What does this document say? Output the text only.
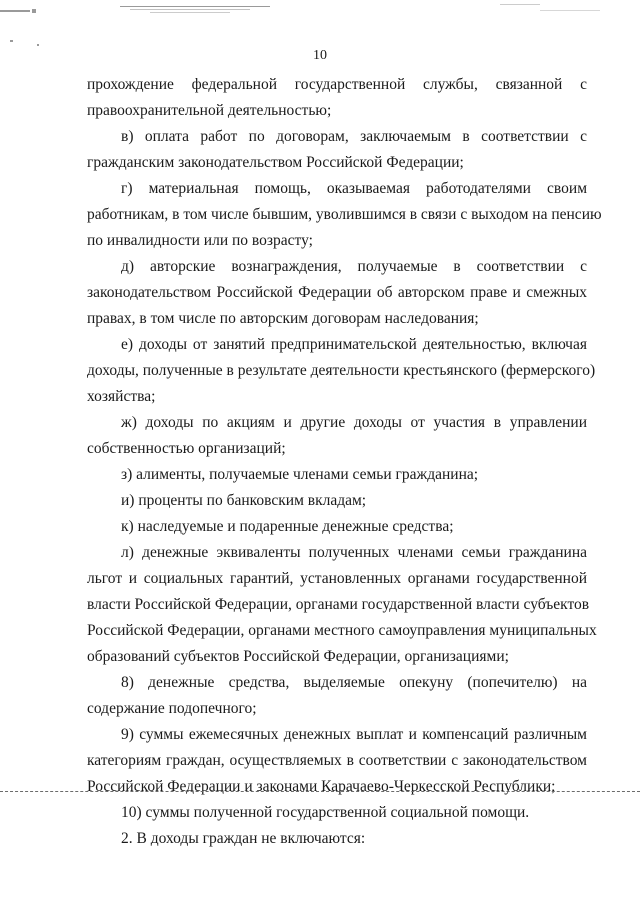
10
прохождение федеральной государственной службы, связанной с
правоохранительной деятельностью;
в) оплата работ по договорам, заключаемым в соответствии с
гражданским законодательством Российской Федерации;
г) материальная помощь, оказываемая работодателями своим
работникам, в том числе бывшим, уволившимся в связи с выходом на пенсию
по инвалидности или по возрасту;
д) авторские вознаграждения, получаемые в соответствии с
законодательством Российской Федерации об авторском праве и смежных
правах, в том числе по авторским договорам наследования;
е) доходы от занятий предпринимательской деятельностью, включая
доходы, полученные в результате деятельности крестьянского (фермерского)
хозяйства;
ж) доходы по акциям и другие доходы от участия в управлении
собственностью организаций;
з) алименты, получаемые членами семьи гражданина;
и) проценты по банковским вкладам;
к) наследуемые и подаренные денежные средства;
л) денежные эквиваленты полученных членами семьи гражданина
льгот и социальных гарантий, установленных органами государственной
власти Российской Федерации, органами государственной власти субъектов
Российской Федерации, органами местного самоуправления муниципальных
образований субъектов Российской Федерации, организациями;
8) денежные средства, выделяемые опекуну (попечителю) на
содержание подопечного;
9) суммы ежемесячных денежных выплат и компенсаций различным
категориям граждан, осуществляемых в соответствии с законодательством
Российской Федерации и законами Карачаево-Черкесской Республики;
10) суммы полученной государственной социальной помощи.
2. В доходы граждан не включаются:
